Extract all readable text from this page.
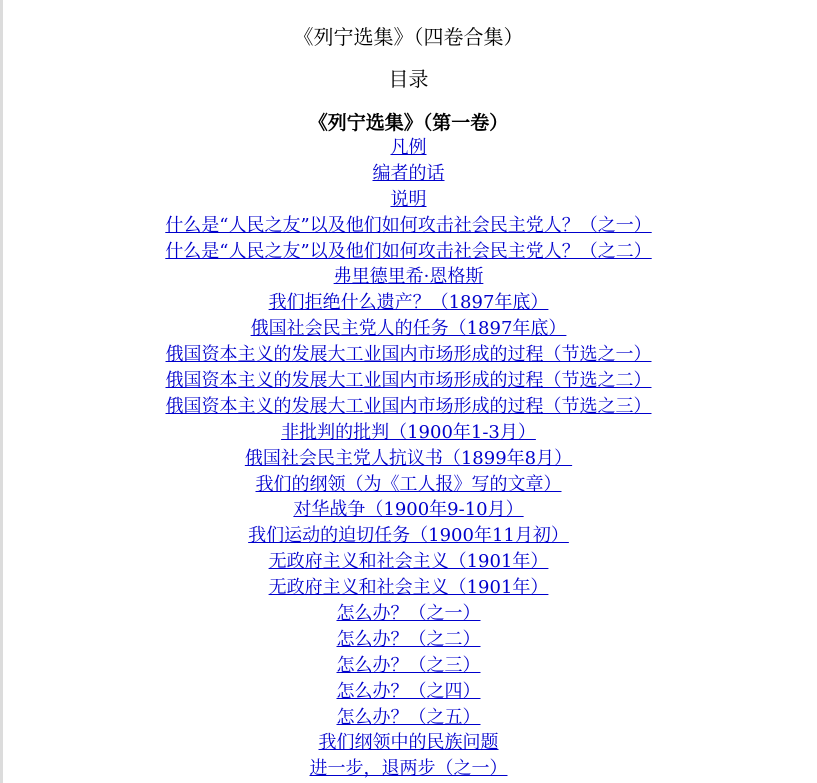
《列宁选集》（四卷合集）
目录
《列宁选集》（第一卷）
凡例
编者的话
说明
什么是“人民之友”以及他们如何攻击社会民主党人？（之一）
什么是“人民之友”以及他们如何攻击社会民主党人？（之二）
弗里德里希·恩格斯
我们拒绝什么遗产？（1897年底）
俄国社会民主党人的任务（1897年底）
俄国资本主义的发展大工业国内市场形成的过程（节选之一）
俄国资本主义的发展大工业国内市场形成的过程（节选之二）
俄国资本主义的发展大工业国内市场形成的过程（节选之三）
非批判的批判（1900年1-3月）
俄国社会民主党人抗议书（1899年8月）
我们的纲领（为《工人报》写的文章）
对华战争（1900年9-10月）
我们运动的迫切任务（1900年11月初）
无政府主义和社会主义（1901年）
无政府主义和社会主义（1901年）
怎么办？（之一）
怎么办？（之二）
怎么办？（之三）
怎么办？（之四）
怎么办？（之五）
我们纲领中的民族问题
进一步，退两步（之一）
